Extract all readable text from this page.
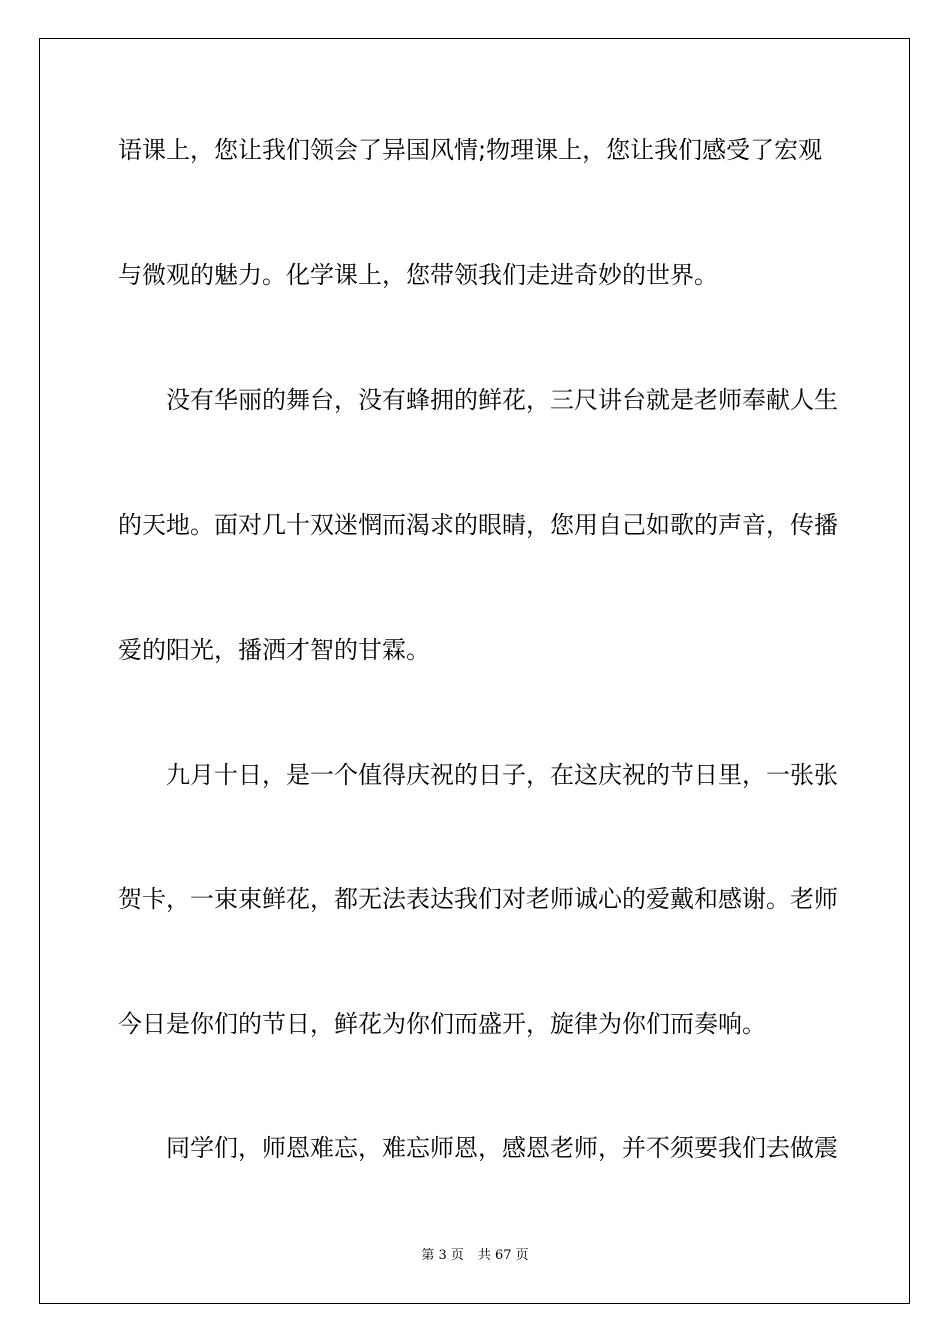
语课上，您让我们领会了异国风情;物理课上，您让我们感受了宏观
与微观的魅力。化学课上，您带领我们走进奇妙的世界。
没有华丽的舞台，没有蜂拥的鲜花，三尺讲台就是老师奉献人生
的天地。面对几十双迷惘而渴求的眼睛，您用自己如歌的声音，传播
爱的阳光，播洒才智的甘霖。
九月十日，是一个值得庆祝的日子，在这庆祝的节日里，一张张
贺卡，一束束鲜花，都无法表达我们对老师诚心的爱戴和感谢。老师
今日是你们的节日，鲜花为你们而盛开，旋律为你们而奏响。
同学们，师恩难忘，难忘师恩，感恩老师，并不须要我们去做震
第 3 页 共 67 页
